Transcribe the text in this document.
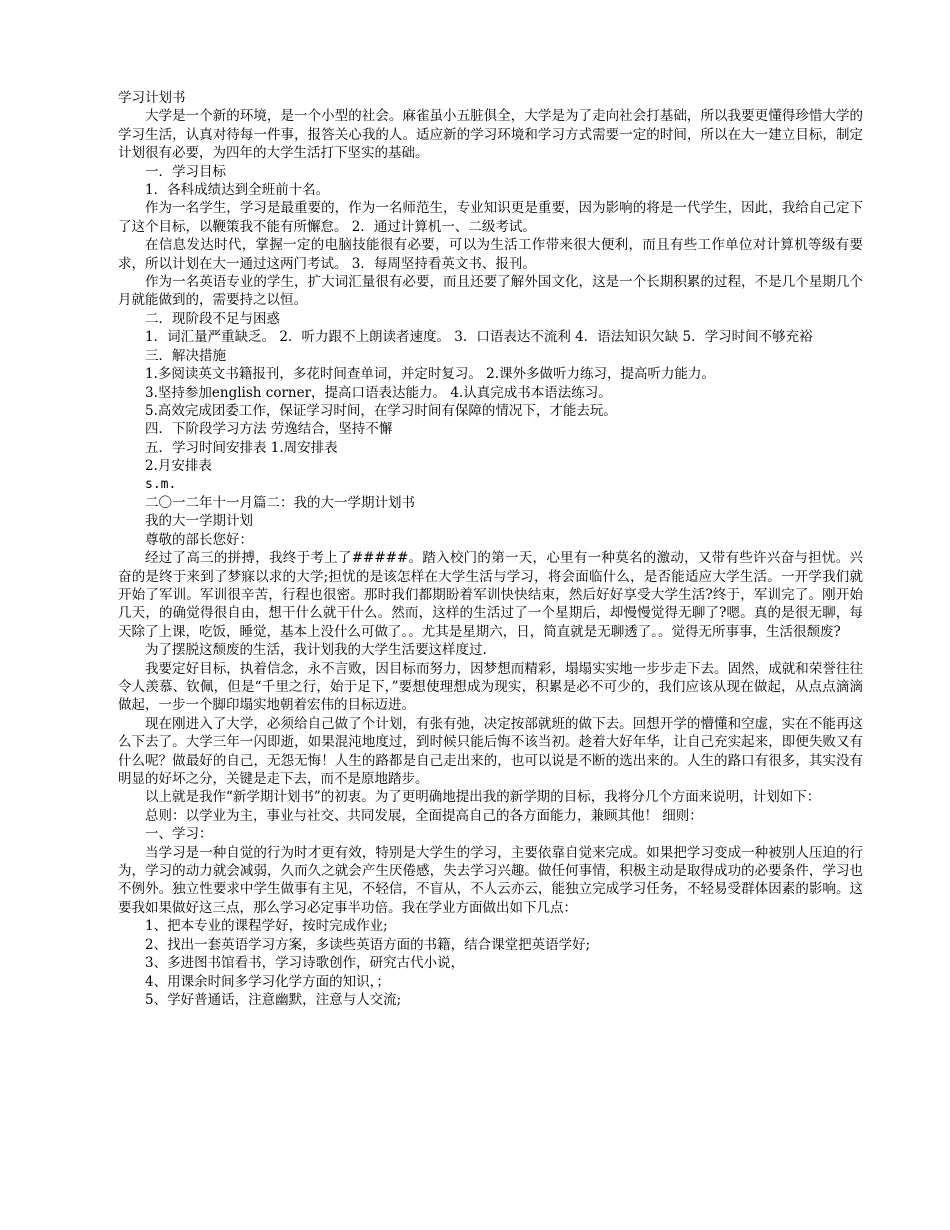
学习计划书

大学是一个新的环境，是一个小型的社会。麻雀虽小五脏俱全，大学是为了走向社会打基础，所以我要更懂得珍惜大学的学习生活，认真对待每一件事，报答关心我的人。适应新的学习环境和学习方式需要一定的时间，所以在大一建立目标，制定计划很有必要，为四年的大学生活打下坚实的基础。

一．学习目标

1．各科成绩达到全班前十名。

作为一名学生，学习是最重要的，作为一名师范生，专业知识更是重要，因为影响的将是一代学生，因此，我给自己定下了这个目标，以鞭策我不能有所懈怠。 2．通过计算机一、二级考试。

在信息发达时代，掌握一定的电脑技能很有必要，可以为生活工作带来很大便利，而且有些工作单位对计算机等级有要求，所以计划在大一通过这两门考试。 3．每周坚持看英文书、报刊。

作为一名英语专业的学生，扩大词汇量很有必要，而且还要了解外国文化，这是一个长期积累的过程，不是几个星期几个月就能做到的，需要持之以恒。

二．现阶段不足与困惑

1．词汇量严重缺乏。 2．听力跟不上朗读者速度。 3．口语表达不流利 4．语法知识欠缺 5．学习时间不够充裕

三．解决措施

1.多阅读英文书籍报刊，多花时间查单词，并定时复习。 2.课外多做听力练习，提高听力能力。

3.坚持参加english corner，提高口语表达能力。 4.认真完成书本语法练习。

5.高效完成团委工作，保证学习时间，在学习时间有保障的情况下，才能去玩。

四．下阶段学习方法 劳逸结合，坚持不懈

五．学习时间安排表 1.周安排表

2.月安排表

s.m.

二〇一二年十一月篇二：我的大一学期计划书

我的大一学期计划

尊敬的部长您好：

经过了高三的拼搏，我终于考上了#####。踏入校门的第一天，心里有一种莫名的激动，又带有些许兴奋与担忧。兴奋的是终于来到了梦寐以求的大学;担忧的是该怎样在大学生活与学习，将会面临什么，是否能适应大学生活。一开学我们就开始了军训。军训很辛苦，行程也很密。那时我们都期盼着军训快快结束，然后好好享受大学生活?终于，军训完了。刚开始几天，的确觉得很自由，想干什么就干什么。然而，这样的生活过了一个星期后，却慢慢觉得无聊了?嗯。真的是很无聊，每天除了上课，吃饭，睡觉，基本上没什么可做了。。尤其是星期六，日，简直就是无聊透了。。觉得无所事事，生活很颓废?

为了摆脱这颓废的生活，我计划我的大学生活要这样度过.

我要定好目标，执着信念，永不言败，因目标而努力，因梦想而精彩，塌塌实实地一步步走下去。固然，成就和荣誉往往令人羡慕、钦佩，但是“千里之行，始于足下，”要想使理想成为现实，积累是必不可少的，我们应该从现在做起，从点点滴滴做起，一步一个脚印塌实地朝着宏伟的目标迈进。

现在刚进入了大学，必须给自己做了个计划，有张有弛，决定按部就班的做下去。回想开学的懵懂和空虚，实在不能再这么下去了。大学三年一闪即逝，如果混沌地度过，到时候只能后悔不该当初。趁着大好年华，让自己充实起来，即便失败又有什么呢？做最好的自己，无怨无悔！人生的路都是自己走出来的，也可以说是不断的选出来的。人生的路口有很多，其实没有明显的好坏之分，关键是走下去，而不是原地踏步。

以上就是我作“新学期计划书”的初衷。为了更明确地提出我的新学期的目标，我将分几个方面来说明，计划如下：

总则：以学业为主，事业与社交、共同发展，全面提高自己的各方面能力，兼顾其他！ 细则：

一、学习：

当学习是一种自觉的行为时才更有效，特别是大学生的学习，主要依靠自觉来完成。如果把学习变成一种被别人压迫的行为，学习的动力就会减弱，久而久之就会产生厌倦感，失去学习兴趣。做任何事情，积极主动是取得成功的必要条件，学习也不例外。独立性要求中学生做事有主见，不轻信，不盲从，不人云亦云，能独立完成学习任务，不轻易受群体因素的影响。这要我如果做好这三点，那么学习必定事半功倍。我在学业方面做出如下几点：

1、把本专业的课程学好，按时完成作业;

2、找出一套英语学习方案，多读些英语方面的书籍，结合课堂把英语学好;

3、多进图书馆看书，学习诗歌创作，研究古代小说，

4、用课余时间多学习化学方面的知识，；

5、学好普通话，注意幽默，注意与人交流;
